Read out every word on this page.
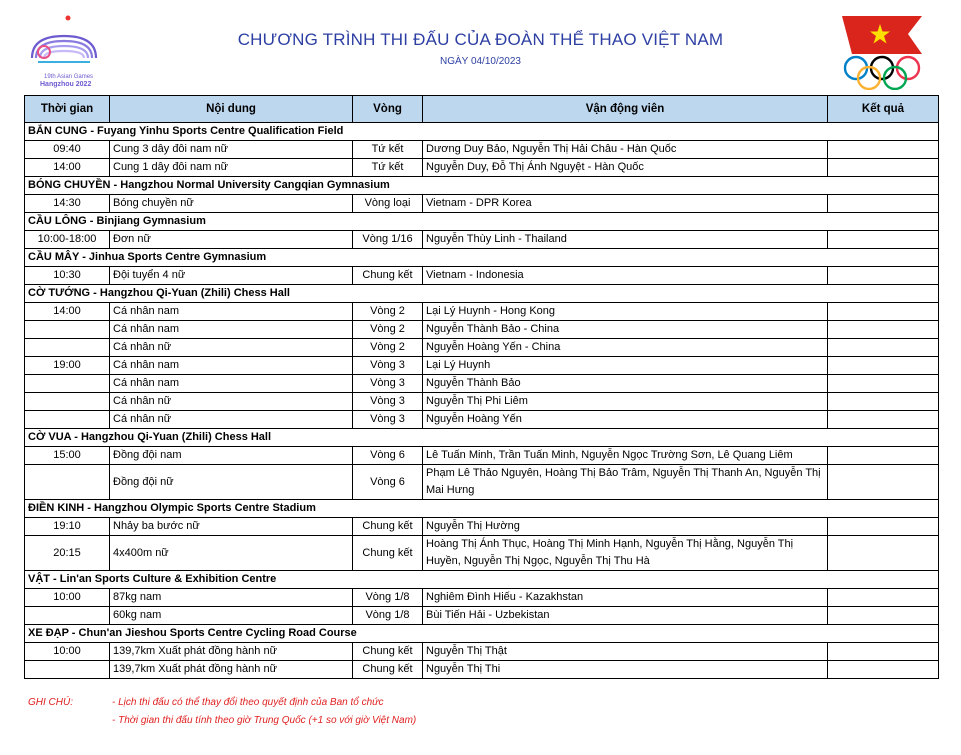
19th Asian Games
Hangzhou 2022
CHƯƠNG TRÌNH THI ĐẤU CỦA ĐOÀN THỂ THAO VIỆT NAM
NGÀY 04/10/2023
Thời gian	Nội dung	Vòng	Vận động viên	Kết quả
BẮN CUNG - Fuyang Yinhu Sports Centre Qualification Field				
09:40	Cung 3 dây đôi nam nữ	Tứ kết	Dương Duy Bảo, Nguyễn Thị Hải Châu - Hàn Quốc	
14:00	Cung 1 dây đôi nam nữ	Tứ kết	Nguyễn Duy, Đỗ Thị Ánh Nguyệt - Hàn Quốc	
BÓNG CHUYỀN - Hangzhou Normal University Cangqian Gymnasium				
14:30	Bóng chuyền nữ	Vòng loại	Vietnam - DPR Korea	
CẦU LÔNG - Binjiang Gymnasium				
10:00-18:00	Đơn nữ	Vòng 1/16	Nguyễn Thùy Linh - Thailand	
CẦU MÂY - Jinhua Sports Centre Gymnasium				
10:30	Đội tuyển 4 nữ	Chung kết	Vietnam - Indonesia	
CỜ TƯỚNG - Hangzhou Qi-Yuan (Zhili) Chess Hall				
14:00	Cá nhân nam	Vòng 2	Lại Lý Huynh - Hong Kong	
	Cá nhân nam	Vòng 2	Nguyễn Thành Bảo - China	
	Cá nhân nữ	Vòng 2	Nguyễn Hoàng Yến - China	
19:00	Cá nhân nam	Vòng 3	Lại Lý Huynh	
	Cá nhân nam	Vòng 3	Nguyễn Thành Bảo	
	Cá nhân nữ	Vòng 3	Nguyễn Thị Phi Liêm	
	Cá nhân nữ	Vòng 3	Nguyễn Hoàng Yến	
CỜ VUA - Hangzhou Qi-Yuan (Zhili) Chess Hall				
15:00	Đồng đội nam	Vòng 6	Lê Tuấn Minh, Trần Tuấn Minh, Nguyễn Ngọc Trường Sơn, Lê Quang Liêm	
	Đồng đội nữ	Vòng 6	Phạm Lê Thảo Nguyên, Hoàng Thị Bảo Trâm, Nguyễn Thị Thanh An, Nguyễn Thị Mai Hưng	
ĐIỀN KINH - Hangzhou Olympic Sports Centre Stadium				
19:10	Nhảy ba bước nữ	Chung kết	Nguyễn Thị Hường	
20:15	4x400m nữ	Chung kết	Hoàng Thị Ánh Thục, Hoàng Thị Minh Hạnh, Nguyễn Thị Hằng, Nguyễn Thị Huyền, Nguyễn Thị Ngọc, Nguyễn Thị Thu Hà	
VẬT - Lin'an Sports Culture & Exhibition Centre				
10:00	87kg nam	Vòng 1/8	Nghiêm Đình Hiếu - Kazakhstan	
	60kg nam	Vòng 1/8	Bùi Tiến Hải - Uzbekistan	
XE ĐẠP - Chun'an Jieshou Sports Centre Cycling Road Course				
10:00	139,7km Xuất phát đồng hành nữ	Chung kết	Nguyễn Thị Thật	
	139,7km Xuất phát đồng hành nữ	Chung kết	Nguyễn Thị Thi	
GHI CHÚ:	- Lịch thi đấu có thể thay đổi theo quyết định của Ban tổ chức
- Thời gian thi đấu tính theo giờ Trung Quốc (+1 so với giờ Việt Nam)
